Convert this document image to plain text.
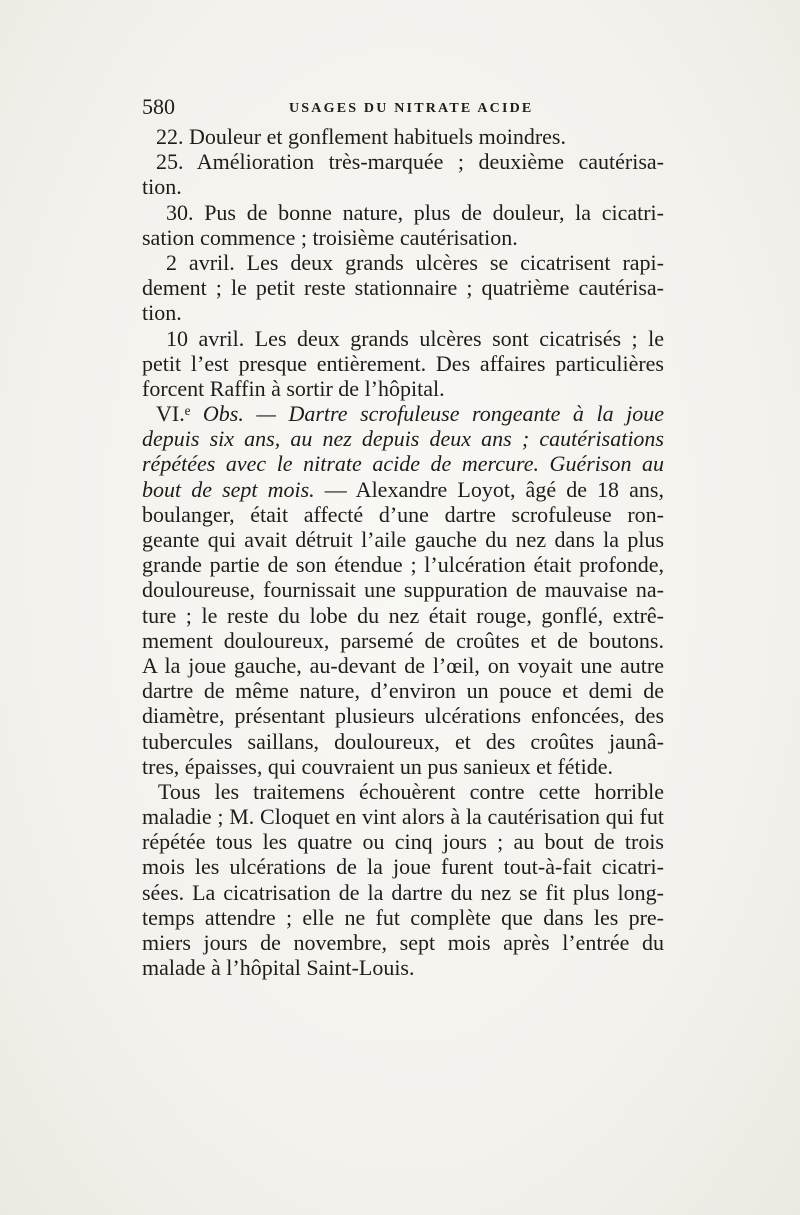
580	USAGES DU NITRATE ACIDE
22. Douleur et gonflement habituels moindres.
25. Amélioration très-marquée ; deuxième cautérisa-
tion.
30. Pus de bonne nature, plus de douleur, la cicatri-
sation commence ; troisième cautérisation.
2 avril. Les deux grands ulcères se cicatrisent rapi-
dement ; le petit reste stationnaire ; quatrième cautérisa-
tion.
10 avril. Les deux grands ulcères sont cicatrisés ; le
petit l’est presque entièrement. Des affaires particulières
forcent Raffin à sortir de l’hôpital.
VI.ᵉ Obs. — Dartre scrofuleuse rongeante à la joue
depuis six ans, au nez depuis deux ans ; cautérisations
répétées avec le nitrate acide de mercure. Guérison au
bout de sept mois. — Alexandre Loyot, âgé de 18 ans,
boulanger, était affecté d’une dartre scrofuleuse ron-
geante qui avait détruit l’aile gauche du nez dans la plus
grande partie de son étendue ; l’ulcération était profonde,
douloureuse, fournissait une suppuration de mauvaise na-
ture ; le reste du lobe du nez était rouge, gonflé, extrê-
mement douloureux, parsemé de croûtes et de boutons.
A la joue gauche, au-devant de l’œil, on voyait une autre
dartre de même nature, d’environ un pouce et demi de
diamètre, présentant plusieurs ulcérations enfoncées, des
tubercules saillans, douloureux, et des croûtes jaunâ-
tres, épaisses, qui couvraient un pus sanieux et fétide.
Tous les traitemens échouèrent contre cette horrible
maladie ; M. Cloquet en vint alors à la cautérisation qui fut
répétée tous les quatre ou cinq jours ; au bout de trois
mois les ulcérations de la joue furent tout-à-fait cicatri-
sées. La cicatrisation de la dartre du nez se fit plus long-
temps attendre ; elle ne fut complète que dans les pre-
miers jours de novembre, sept mois après l’entrée du
malade à l’hôpital Saint-Louis.
